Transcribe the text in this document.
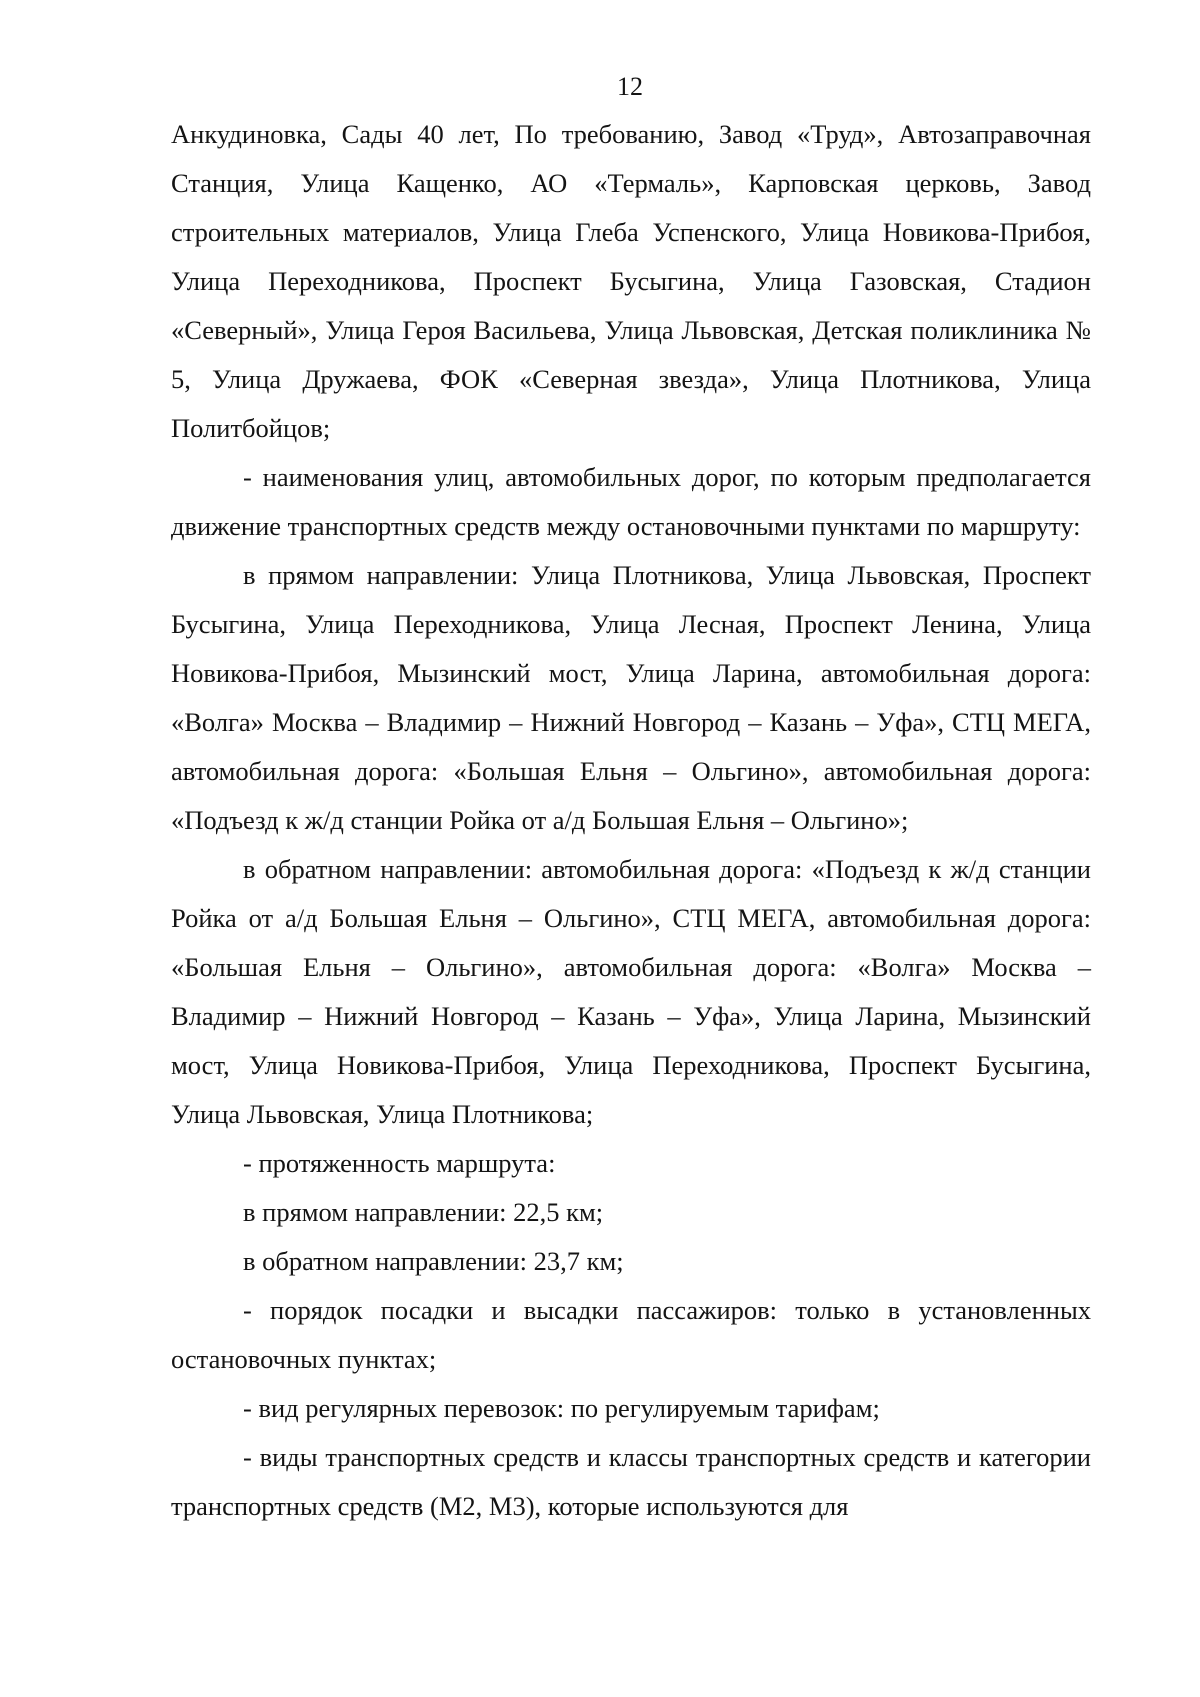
12

Анкудиновка, Сады 40 лет, По требованию, Завод «Труд», Автозаправочная Станция, Улица Кащенко, АО «Термаль», Карповская церковь, Завод строительных материалов, Улица Глеба Успенского, Улица Новикова-Прибоя, Улица Переходникова, Проспект Бусыгина, Улица Газовская, Стадион «Северный», Улица Героя Васильева, Улица Львовская, Детская поликлиника № 5, Улица Дружаева, ФОК «Северная звезда», Улица Плотникова, Улица Политбойцов;

- наименования улиц, автомобильных дорог, по которым предполагается движение транспортных средств между остановочными пунктами по маршруту:

в прямом направлении: Улица Плотникова, Улица Львовская, Проспект Бусыгина, Улица Переходникова, Улица Лесная, Проспект Ленина, Улица Новикова-Прибоя, Мызинский мост, Улица Ларина, автомобильная дорога: «Волга» Москва – Владимир – Нижний Новгород – Казань – Уфа», СТЦ МЕГА, автомобильная дорога: «Большая Ельня – Ольгино», автомобильная дорога: «Подъезд к ж/д станции Ройка от а/д Большая Ельня – Ольгино»;

в обратном направлении: автомобильная дорога: «Подъезд к ж/д станции Ройка от а/д Большая Ельня – Ольгино», СТЦ МЕГА, автомобильная дорога: «Большая Ельня – Ольгино», автомобильная дорога: «Волга» Москва – Владимир – Нижний Новгород – Казань – Уфа», Улица Ларина, Мызинский мост, Улица Новикова-Прибоя, Улица Переходникова, Проспект Бусыгина, Улица Львовская, Улица Плотникова;

- протяженность маршрута:

в прямом направлении: 22,5 км;

в обратном направлении: 23,7 км;

- порядок посадки и высадки пассажиров: только в установленных остановочных пунктах;

- вид регулярных перевозок: по регулируемым тарифам;

- виды транспортных средств и классы транспортных средств и категории транспортных средств (М2, М3), которые используются для
